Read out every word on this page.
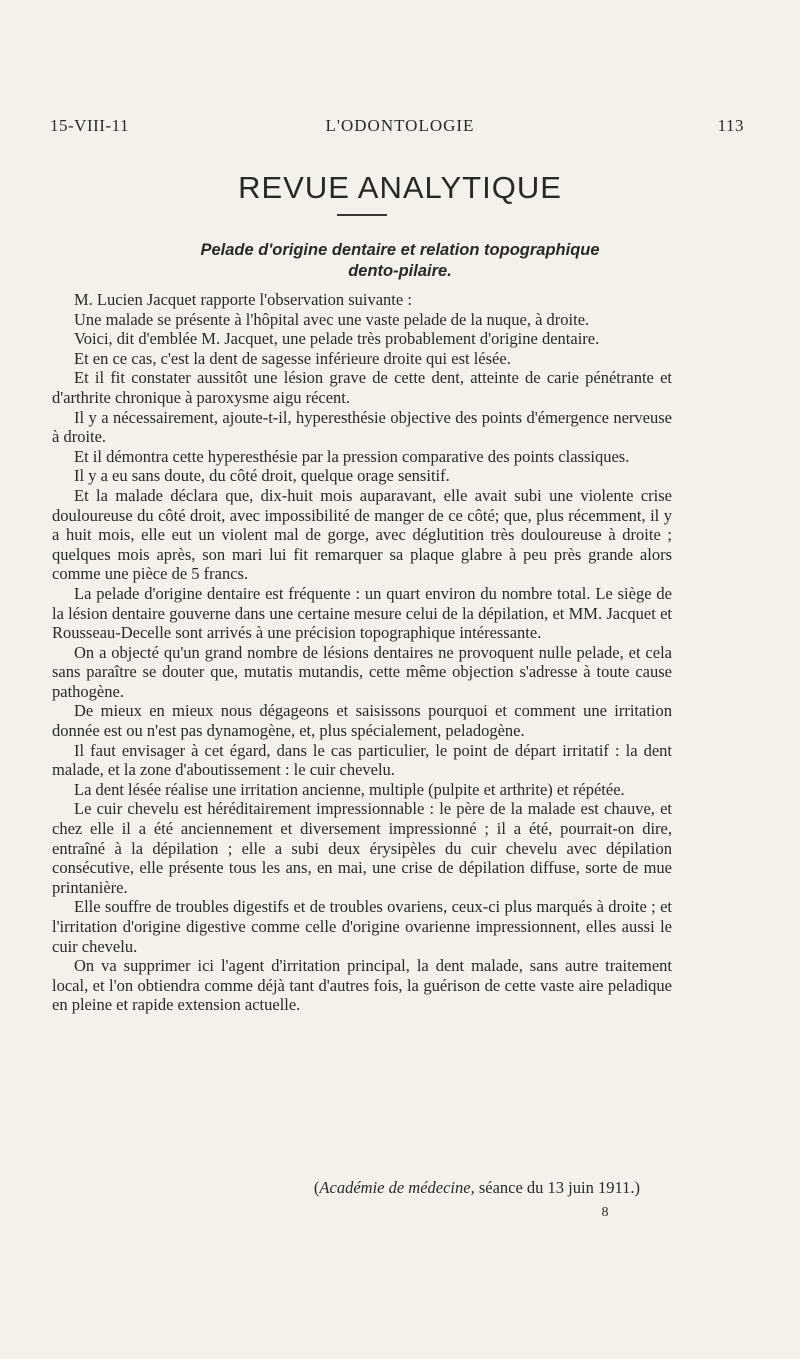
15-VIII-11	L'ODONTOLOGIE	113
REVUE ANALYTIQUE
Pelade d'origine dentaire et relation topographique
dento-pilaire.

M. Lucien Jacquet rapporte l'observation suivante :

Une malade se présente à l'hôpital avec une vaste pelade de la nuque, à droite.

Voici, dit d'emblée M. Jacquet, une pelade très probablement d'origine dentaire.

Et en ce cas, c'est la dent de sagesse inférieure droite qui est lésée.

Et il fit constater aussitôt une lésion grave de cette dent, atteinte de carie pénétrante et d'arthrite chronique à paroxysme aigu récent.

Il y a nécessairement, ajoute-t-il, hyperesthésie objective des points d'émergence nerveuse à droite.

Et il démontra cette hyperesthésie par la pression comparative des points classiques.

Il y a eu sans doute, du côté droit, quelque orage sensitif.

Et la malade déclara que, dix-huit mois auparavant, elle avait subi une violente crise douloureuse du côté droit, avec impossibilité de manger de ce côté; que, plus récemment, il y a huit mois, elle eut un violent mal de gorge, avec déglutition très douloureuse à droite ; quelques mois après, son mari lui fit remarquer sa plaque glabre à peu près grande alors comme une pièce de 5 francs.

La pelade d'origine dentaire est fréquente : un quart environ du nombre total. Le siège de la lésion dentaire gouverne dans une certaine mesure celui de la dépilation, et MM. Jacquet et Rousseau-Decelle sont arrivés à une précision topographique intéressante.

On a objecté qu'un grand nombre de lésions dentaires ne provoquent nulle pelade, et cela sans paraître se douter que, mutatis mutandis, cette même objection s'adresse à toute cause pathogène.

De mieux en mieux nous dégageons et saisissons pourquoi et comment une irritation donnée est ou n'est pas dynamogène, et, plus spécialement, peladogène.

Il faut envisager à cet égard, dans le cas particulier, le point de départ irritatif : la dent malade, et la zone d'aboutissement : le cuir chevelu.

La dent lésée réalise une irritation ancienne, multiple (pulpite et arthrite) et répétée.

Le cuir chevelu est héréditairement impressionnable : le père de la malade est chauve, et chez elle il a été anciennement et diversement impressionné ; il a été, pourrait-on dire, entraîné à la dépilation ; elle a subi deux érysipèles du cuir chevelu avec dépilation consécutive, elle présente tous les ans, en mai, une crise de dépilation diffuse, sorte de mue printanière.

Elle souffre de troubles digestifs et de troubles ovariens, ceux-ci plus marqués à droite ; et l'irritation d'origine digestive comme celle d'origine ovarienne impressionnent, elles aussi le cuir chevelu.

On va supprimer ici l'agent d'irritation principal, la dent malade, sans autre traitement local, et l'on obtiendra comme déjà tant d'autres fois, la guérison de cette vaste aire peladique en pleine et rapide extension actuelle.

(Académie de médecine, séance du 13 juin 1911.)
8
